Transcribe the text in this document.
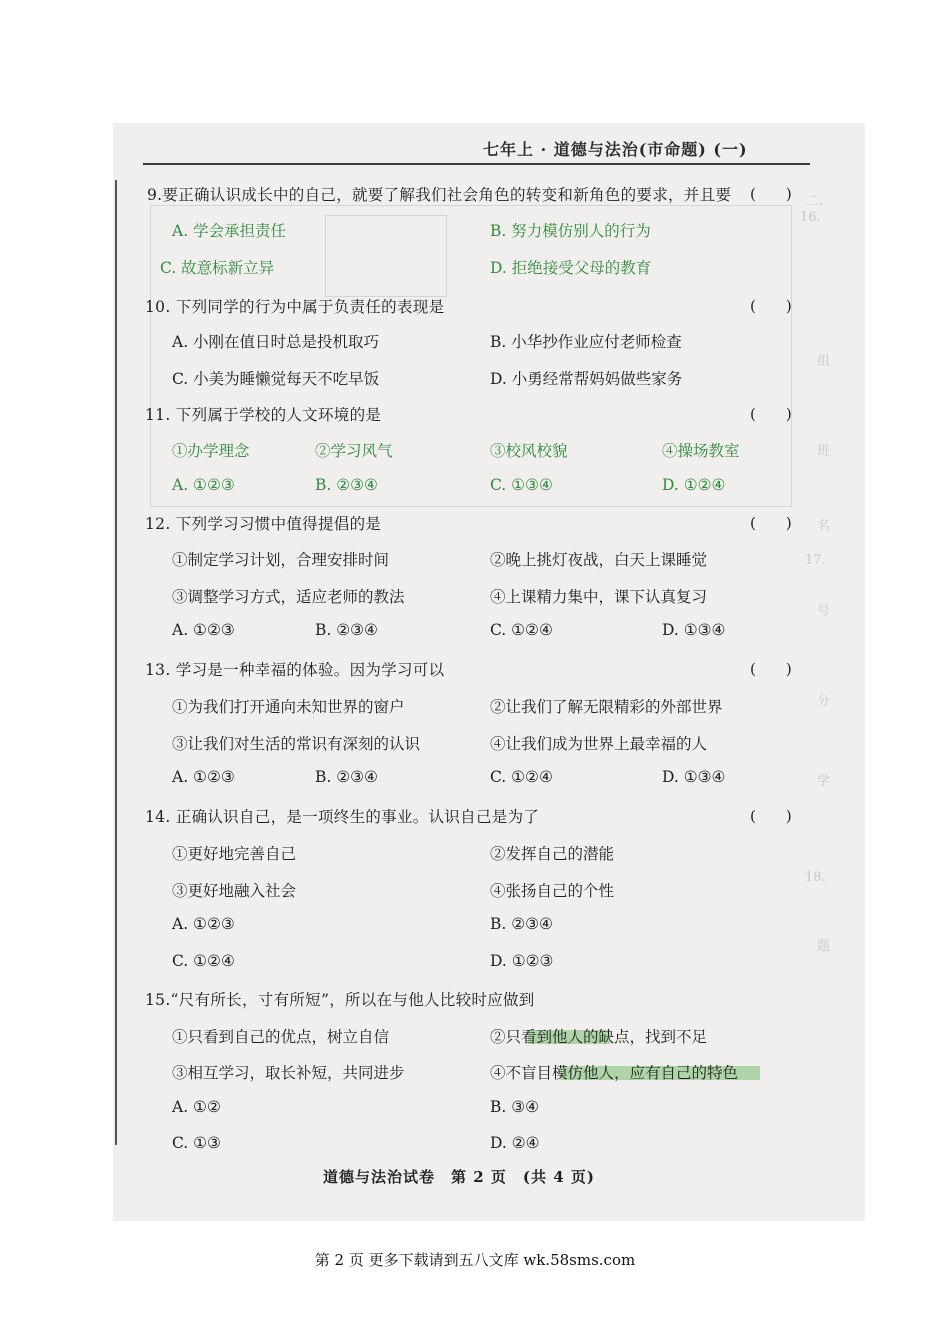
二、
16.
组
班
名
17.
号
分
学
18.
题
七年上 · 道德与法治(市命题) (一)
9.要正确认识成长中的自己，就要了解我们社会角色的转变和新角色的要求，并且要 (　　)
A. 学会承担责任	B. 努力模仿别人的行为
C. 故意标新立异	D. 拒绝接受父母的教育
10. 下列同学的行为中属于负责任的表现是	(　　)
A. 小刚在值日时总是投机取巧	B. 小华抄作业应付老师检查
C. 小美为睡懒觉每天不吃早饭	D. 小勇经常帮妈妈做些家务
11. 下列属于学校的人文环境的是	(　　)
①办学理念	②学习风气	③校风校貌	④操场教室
A. ①②③	B. ②③④	C. ①③④	D. ①②④
12. 下列学习习惯中值得提倡的是	(　　)
①制定学习计划，合理安排时间	②晚上挑灯夜战，白天上课睡觉
③调整学习方式，适应老师的教法	④上课精力集中，课下认真复习
A. ①②③	B. ②③④	C. ①②④	D. ①③④
13. 学习是一种幸福的体验。因为学习可以	(　　)
①为我们打开通向未知世界的窗户	②让我们了解无限精彩的外部世界
③让我们对生活的常识有深刻的认识	④让我们成为世界上最幸福的人
A. ①②③	B. ②③④	C. ①②④	D. ①③④
14. 正确认识自己，是一项终生的事业。认识自己是为了	(　　)
①更好地完善自己	②发挥自己的潜能
③更好地融入社会	④张扬自己的个性
A. ①②③	B. ②③④
C. ①②④	D. ①②③
15.“尺有所长，寸有所短”，所以在与他人比较时应做到
①只看到自己的优点，树立自信	②只看到他人的缺点，找到不足
③相互学习，取长补短，共同进步	④不盲目模仿他人，应有自己的特色
A. ①②	B. ③④
C. ①③	D. ②④
道德与法治试卷　第 2 页　(共 4 页)
第 2 页 更多下载请到五八文库 wk.58sms.com
